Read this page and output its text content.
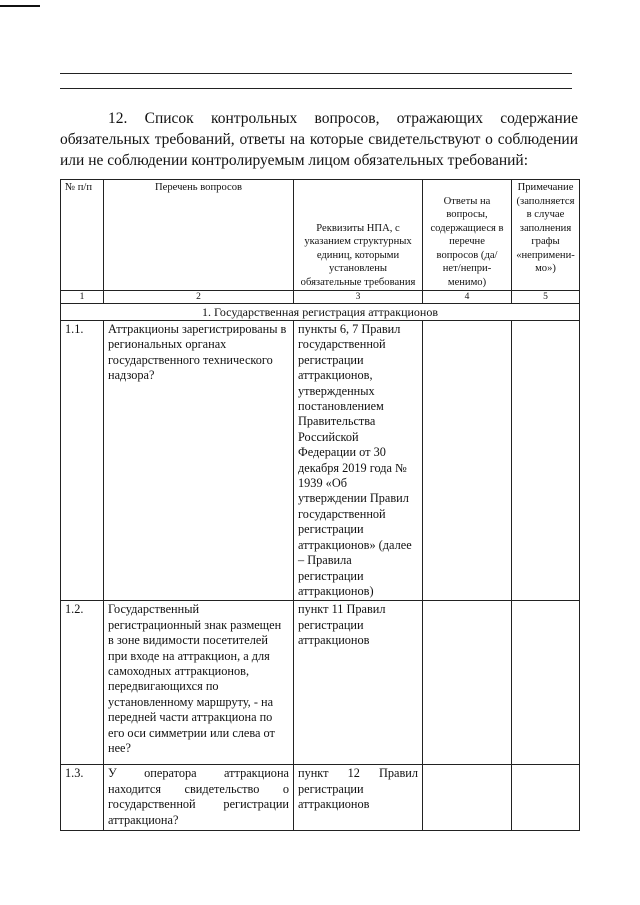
12. Список контрольных вопросов, отражающих содержание обязательных требований, ответы на которые свидетельствуют о соблюдении или не соблюдении контролируемым лицом обязательных требований:

№ п/п	Перечень вопросов	Реквизиты НПА, с указанием структурных единиц, которыми установлены обязательные требования	Ответы на вопросы, содержащиеся в перечне вопросов (да/ нет/непри- менимо)	Примечание (заполняется в случае заполнения графы «непримени- мо»)
1	2	3	4	5
1. Государственная регистрация аттракционов				
1.1.	Аттракционы зарегистрированы в региональных органах государственного технического надзора?	пункты 6, 7 Правил государственной регистрации аттракционов, утвержденных постановлением Правительства Российской Федерации от 30 декабря 2019 года № 1939 «Об утверждении Правил государственной регистрации аттракционов» (далее – Правила регистрации аттракционов)		
1.2.	Государственный регистрационный знак размещен в зоне видимости посетителей при входе на аттракцион, а для самоходных аттракционов, передвигающихся по установленному маршруту, - на передней части аттракциона по его оси симметрии или слева от нее?	пункт 11 Правил регистрации аттракционов		
1.3.	У оператора аттракциона находится свидетельство о государственной регистрации аттракциона?	пункт 12 Правил регистрации аттракционов		
